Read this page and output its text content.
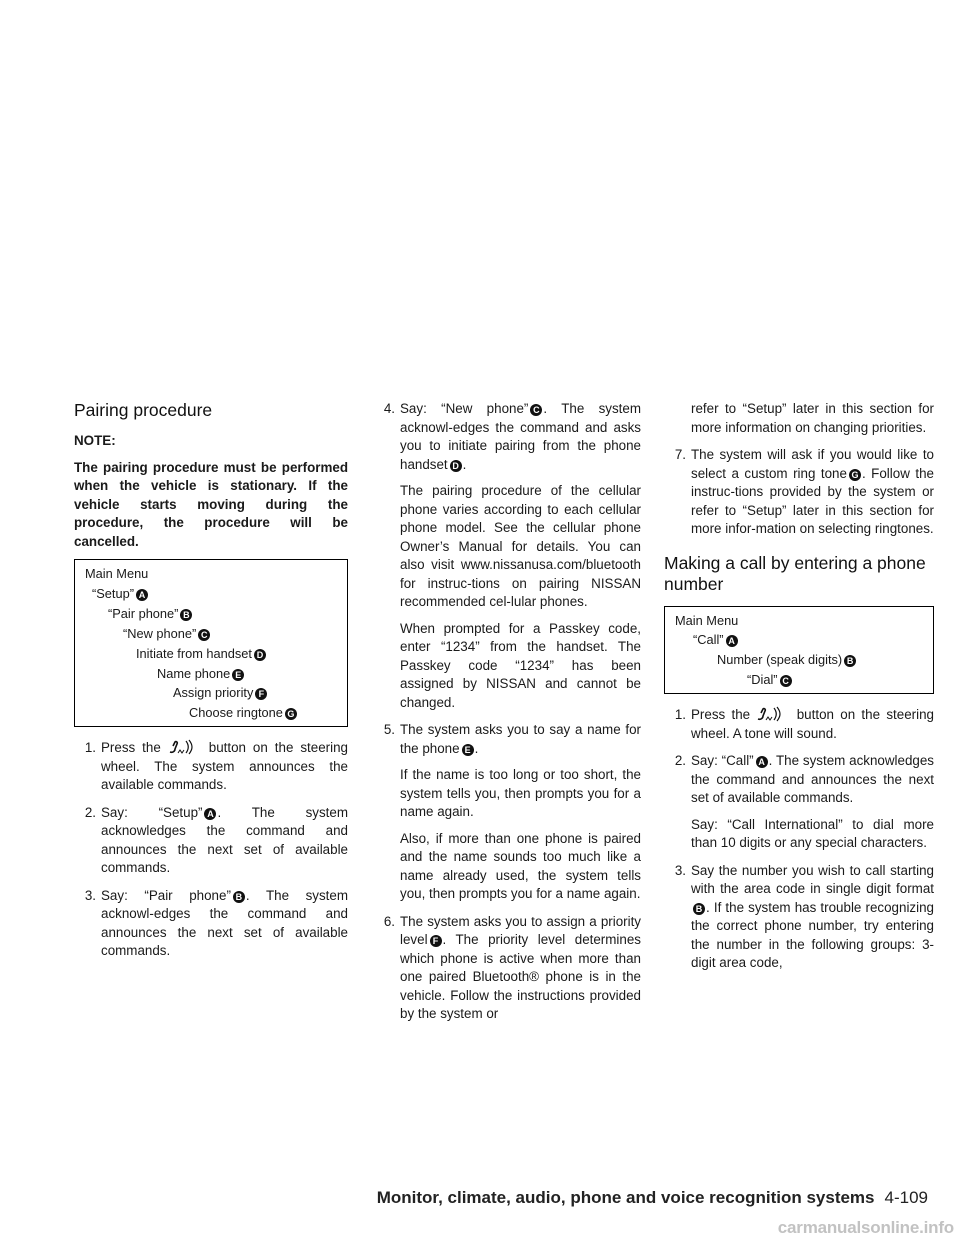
Pairing procedure
NOTE:
The pairing procedure must be performed when the vehicle is stationary. If the vehicle starts moving during the procedure, the procedure will be cancelled.
Main Menu
“Setup” A
“Pair phone” B
“New phone” C
Initiate from handset D
Name phone E
Assign priority F
Choose ringtone G
1. Press the	button on the steering wheel. The system announces the available commands.
2. Say: “Setup” A . The system acknowledges the command and announces the next set of available commands.
3. Say: “Pair phone” B . The system acknowl-edges the command and announces the next set of available commands.
4. Say: “New phone” C . The system acknowl-edges the command and asks you to initiate pairing from the phone handset D .
The pairing procedure of the cellular phone varies according to each cellular phone model. See the cellular phone Owner’s Manual for details. You can also visit www.nissanusa.com/bluetooth for instruc-tions on pairing NISSAN recommended cel-lular phones.
When prompted for a Passkey code, enter “1234” from the handset. The Passkey code “1234” has been assigned by NISSAN and cannot be changed.
5. The system asks you to say a name for the phone E .
If the name is too long or too short, the system tells you, then prompts you for a name again.
Also, if more than one phone is paired and the name sounds too much like a name already used, the system tells you, then prompts you for a name again.
6. The system asks you to assign a priority level F . The priority level determines which phone is active when more than one paired Bluetooth® phone is in the vehicle. Follow the instructions provided by the system or
refer to “Setup” later in this section for more information on changing priorities.
7. The system will ask if you would like to select a custom ring tone G . Follow the instruc-tions provided by the system or refer to “Setup” later in this section for more infor-mation on selecting ringtones.
Making a call by entering a phone number
Main Menu
“Call” A
Number (speak digits) B
“Dial” C
1. Press the	button on the steering wheel. A tone will sound.
2. Say: “Call” A . The system acknowledges the command and announces the next set of available commands.
Say: “Call International” to dial more than 10 digits or any special characters.
3. Say the number you wish to call starting with the area code in single digit formatB . If the system has trouble recognizing the correct phone number, try entering the number in the following groups: 3-digit area code,
Monitor, climate, audio, phone and voice recognition systems 4-109
carmanualsonline.info
